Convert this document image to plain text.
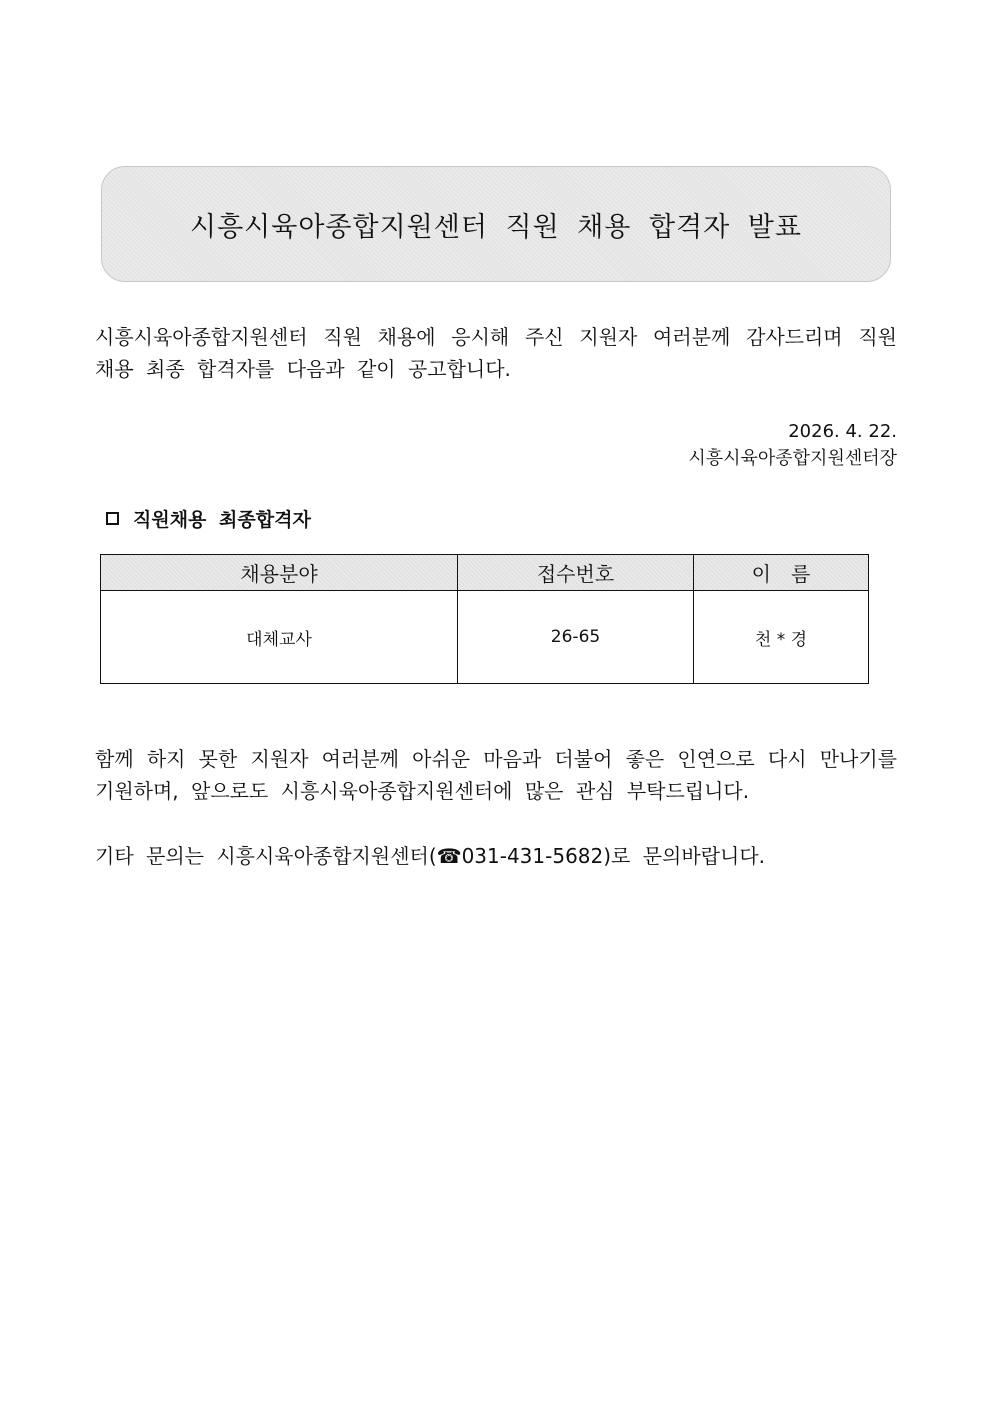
시흥시육아종합지원센터 직원 채용 합격자 발표

시흥시육아종합지원센터 직원 채용에 응시해 주신 지원자 여러분께 감사드리며 직원 채용 최종 합격자를 다음과 같이 공고합니다.

2026. 4. 22.
시흥시육아종합지원센터장
직원채용 최종합격자
채용분야	접수번호	이　름
대체교사	26-65	천 * 경

함께 하지 못한 지원자 여러분께 아쉬운 마음과 더불어 좋은 인연으로 다시 만나기를 기원하며, 앞으로도 시흥시육아종합지원센터에 많은 관심 부탁드립니다.

기타 문의는 시흥시육아종합지원센터(☎031-431-5682)로 문의바랍니다.
